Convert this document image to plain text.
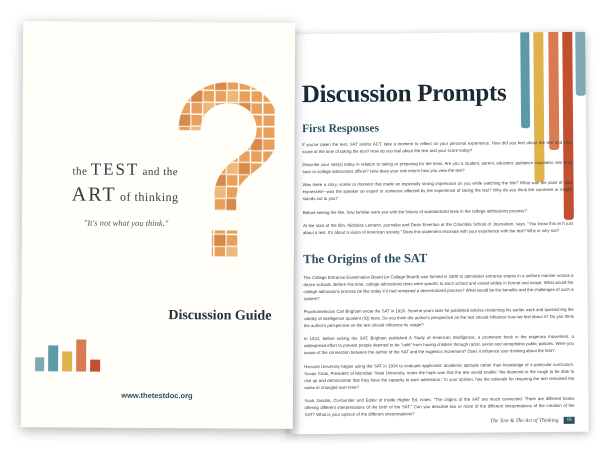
Discussion Prompts
First Responses

If you've taken the test, SAT and/or ACT, take a moment to reflect on your personal experience. How did you feel about the test and your score at the time of taking the test? How do you feel about the test and your score today?

Describe your role(s) today in relation to taking or preparing for the tests. Are you a student, parent, educator, guidance counselor, test prep tutor or college admissions officer? How does your role inform how you view the test?

Was there a story, scene or moment that made an especially strong impression on you while watching the film? What was the point of view expressed—was the speaker an expert or someone affected by the experience of taking the test? Why do you think the comment or insight stands out to you?

Before seeing the film, how familiar were you with the history of standardized tests in the college admissions process?

At the start of the film, Nicholas Lemann, journalist and Dean Emeritus at the Columbia School of Journalism, says, "You know this isn't just about a test. It's about a vision of American society." Does this statement resonate with your experience with the test? Why or why not?

The Origins of the SAT

The College Entrance Examination Board (or College Board) was formed in 1900 to administer entrance exams in a uniform manner across a dozen schools. Before this time, college admissions tests were specific to each school and varied widely in format and scope. What would the college admissions process be like today if it had remained a decentralized process? What would be the benefits and the challenges of such a system?

Psychometrician Carl Brigham wrote the SAT in 1926. Several years later he published articles reclaiming his earlier work and questioning the validity of intelligence quotient (IQ) tests. Do you think the author's perspective on the test should influence how we feel about it? Do you think the author's perspective on the test should influence its usage?

In 1923, before writing the SAT, Brigham published A Study of American Intelligence, a prominent book in the eugenics movement, a widespread effort to prevent people deemed to be "unfit" from having children through racist, sexist and xenophobic public policies. Were you aware of the connection between the author of the SAT and the eugenics movement? Does it influence your thinking about the test?

Harvard University began using the SAT in 1934 to evaluate applicants' academic aptitude rather than knowledge of a particular curriculum. Susan Cook, President of Montclair State University, notes the hope was that the test would enable "the diamond in the rough to be able to rise up and demonstrate that they have the capacity to earn admission." In your opinion, has the rationale for requiring the test remained the same or changed over time?

Scott Jaschik, Co-founder and Editor of Inside Higher Ed, notes: "The origins of the SAT are much connected. There are different books offering different interpretations of the birth of the SAT." Can you describe two or more of the different interpretations of the creation of the SAT? What is your opinion of the different interpretations?

The Test & The Art of Thinking 18
the TEST and the
ART of thinking
"It's not what you think."
Discussion Guide
www.thetestdoc.org
